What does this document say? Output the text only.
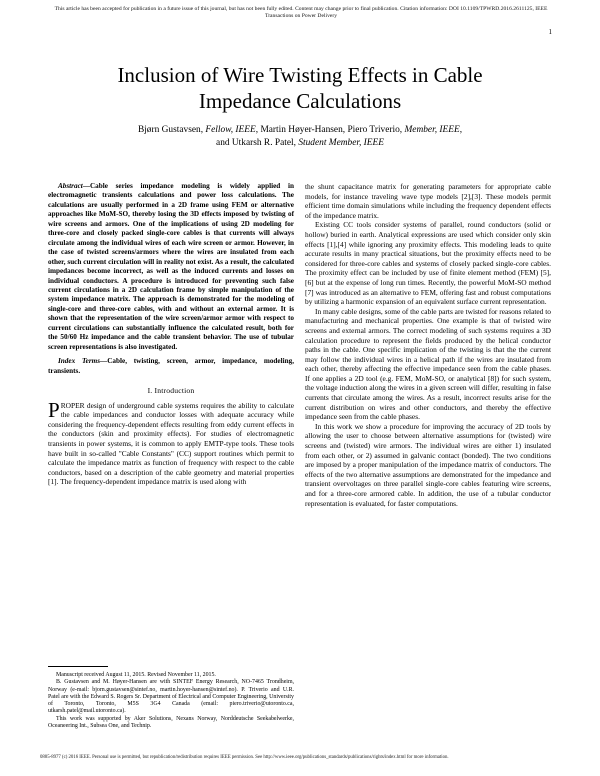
This article has been accepted for publication in a future issue of this journal, but has not been fully edited. Content may change prior to final publication. Citation information: DOI 10.1109/TPWRD.2016.2611125, IEEE Transactions on Power Delivery
1
Inclusion of Wire Twisting Effects in Cable
Impedance Calculations
Bjørn Gustavsen, Fellow, IEEE, Martin Høyer-Hansen, Piero Triverio, Member, IEEE,
and Utkarsh R. Patel, Student Member, IEEE

Abstract—Cable series impedance modeling is widely applied in electromagnetic transients calculations and power loss calculations. The calculations are usually performed in a 2D frame using FEM or alternative approaches like MoM-SO, thereby losing the 3D effects imposed by twisting of wire screens and armors. One of the implications of using 2D modeling for three-core and closely packed single-core cables is that currents will always circulate among the individual wires of each wire screen or armor. However, in the case of twisted screens/armors where the wires are insulated from each other, such current circulation will in reality not exist. As a result, the calculated impedances become incorrect, as well as the induced currents and losses on individual conductors. A procedure is introduced for preventing such false current circulations in a 2D calculation frame by simple manipulation of the system impedance matrix. The approach is demonstrated for the modeling of single-core and three-core cables, with and without an external armor. It is shown that the representation of the wire screen/armor armor with respect to current circulations can substantially influence the calculated result, both for the 50/60 Hz impedance and the cable transient behavior. The use of tubular screen representations is also investigated.

Index Terms—Cable, twisting, screen, armor, impedance, modeling, transients.

I. Introduction

PROPER design of underground cable systems requires the ability to calculate the cable impedances and conductor losses with adequate accuracy while considering the frequency-dependent effects resulting from eddy current effects in the conductors (skin and proximity effects). For studies of electromagnetic transients in power systems, it is common to apply EMTP-type tools. These tools have built in so-called "Cable Constants" (CC) support routines which permit to calculate the impedance matrix as function of frequency with respect to the cable conductors, based on a description of the cable geometry and material properties [1]. The frequency-dependent impedance matrix is used along with

Manuscript received August 11, 2015. Revised November 11, 2015.

B. Gustavsen and M. Høyer-Hansen are with SINTEF Energy Research, NO-7465 Trondheim, Norway (e-mail: bjorn.gustavsen@sintef.no, martin.hoyer-hansen@sintef.no). P. Triverio and U.R. Patel are with the Edward S. Rogers Sr. Department of Electrical and Computer Engineering, University of Toronto, Toronto, M5S 3G4 Canada (email: piero.triverio@utoronto.ca, utkarsh.patel@mail.utoronto.ca).

This work was supported by Aker Solutions, Nexans Norway, Norddeutsche Seekabelwerke, Oceaneering Int., Subsea One, and Technip.

the shunt capacitance matrix for generating parameters for appropriate cable models, for instance traveling wave type models [2],[3]. These models permit efficient time domain simulations while including the frequency dependent effects of the impedance matrix.

Existing CC tools consider systems of parallel, round conductors (solid or hollow) buried in earth. Analytical expressions are used which consider only skin effects [1],[4] while ignoring any proximity effects. This modeling leads to quite accurate results in many practical situations, but the proximity effects need to be considered for three-core cables and systems of closely packed single-core cables. The proximity effect can be included by use of finite element method (FEM) [5],[6] but at the expense of long run times. Recently, the powerful MoM-SO method [7] was introduced as an alternative to FEM, offering fast and robust computations by utilizing a harmonic expansion of an equivalent surface current representation.

In many cable designs, some of the cable parts are twisted for reasons related to manufacturing and mechanical properties. One example is that of twisted wire screens and external armors. The correct modeling of such systems requires a 3D calculation procedure to represent the fields produced by the helical conductor paths in the cable. One specific implication of the twisting is that the the current may follow the individual wires in a helical path if the wires are insulated from each other, thereby affecting the effective impedance seen from the cable phases. If one applies a 2D tool (e.g. FEM, MoM-SO, or analytical [8]) for such system, the voltage induction along the wires in a given screen will differ, resulting in false currents that circulate among the wires. As a result, incorrect results arise for the current distribution on wires and other conductors, and thereby the effective impedance seen from the cable phases.

In this work we show a procedure for improving the accuracy of 2D tools by allowing the user to choose between alternative assumptions for (twisted) wire screens and (twisted) wire armors. The individual wires are either 1) insulated from each other, or 2) assumed in galvanic contact (bonded). The two conditions are imposed by a proper manipulation of the impedance matrix of conductors. The effects of the two alternative assumptions are demonstrated for the impedance and transient overvoltages on three parallel single-core cables featuring wire screens, and for a three-core armored cable. In addition, the use of a tubular conductor representation is evaluated, for faster computations.

0885-8977 (c) 2016 IEEE. Personal use is permitted, but republication/redistribution requires IEEE permission. See http://www.ieee.org/publications_standards/publications/rights/index.html for more information.
